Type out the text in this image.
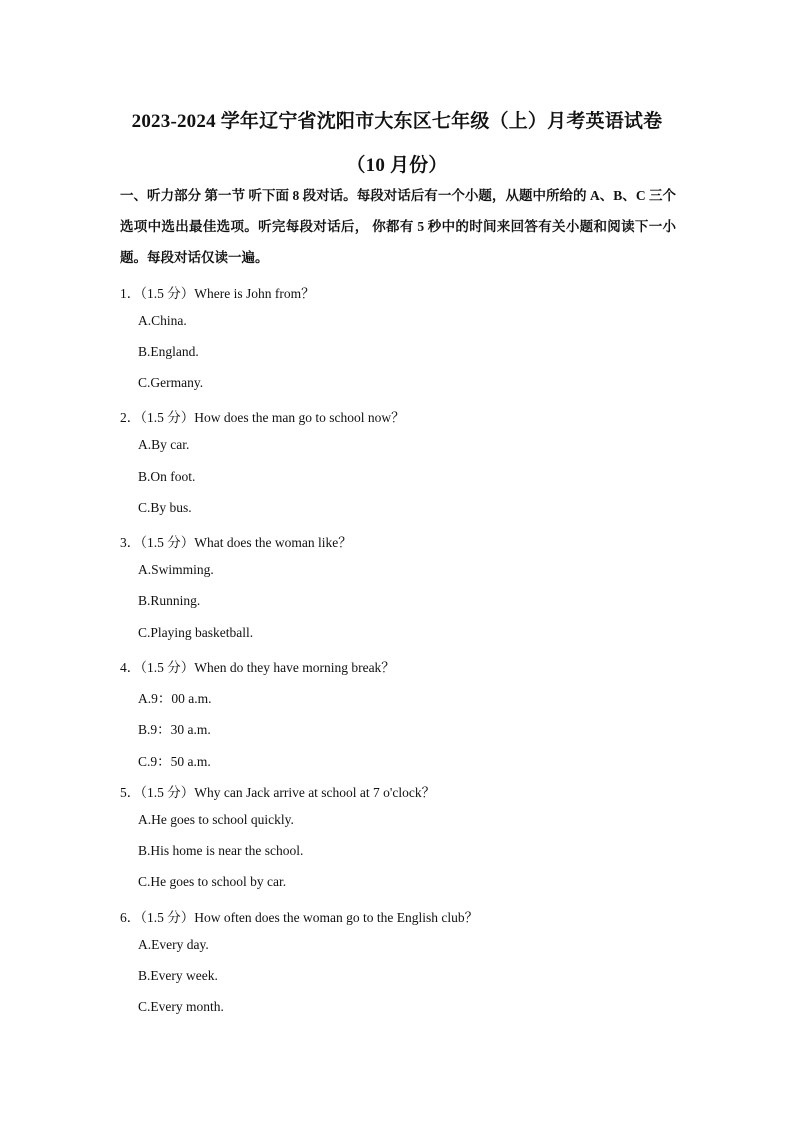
2023-2024 学年辽宁省沈阳市大东区七年级（上）月考英语试卷
（10 月份）
一、听力部分 第一节 听下面 8 段对话。每段对话后有一个小题，从题中所给的 A、B、C 三个选项中选出最佳选项。听完每段对话后， 你都有 5 秒中的时间来回答有关小题和阅读下一小题。每段对话仅读一遍。
1．（1.5 分）Where is John from？
A.China.
B.England.
C.Germany.
2．（1.5 分）How does the man go to school now？
A.By car.
B.On foot.
C.By bus.
3．（1.5 分）What does the woman like？
A.Swimming.
B.Running.
C.Playing basketball.
4．（1.5 分）When do they have morning break？
A.9：00 a.m.
B.9：30 a.m.
C.9：50 a.m.
5．（1.5 分）Why can Jack arrive at school at 7 o'clock？
A.He goes to school quickly.
B.His home is near the school.
C.He goes to school by car.
6．（1.5 分）How often does the woman go to the English club？
A.Every day.
B.Every week.
C.Every month.
